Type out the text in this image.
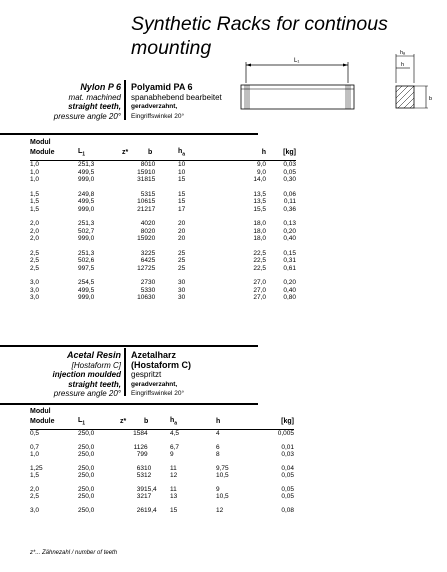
Synthetic Racks for continous mounting
L₁
hₐ
h
b
Nylon P 6
mat. machined
straight teeth,
pressure angle 20°
Polyamid PA 6
spanabhebend bearbeitet
geradverzahnt,
Eingriffswinkel 20°
Modul						
Module	$L_1$	z*	b	$h_a$	h	[kg]

1,0	251,3	80	10	10	9,0	0,03
1,0	499,5	159	10	10	9,0	0,05
1,0	999,0	318	15	15	14,0	0,30

1,5	249,8	53	15	15	13,5	0,06
1,5	499,5	106	15	15	13,5	0,11
1,5	999,0	212	17	17	15,5	0,36

2,0	251,3	40	20	20	18,0	0,13
2,0	502,7	80	20	20	18,0	0,20
2,0	999,0	159	20	20	18,0	0,40

2,5	251,3	32	25	25	22,5	0,15
2,5	502,6	64	25	25	22,5	0,31
2,5	997,5	127	25	25	22,5	0,61

3,0	254,5	27	30	30	27,0	0,20
3,0	499,5	53	30	30	27,0	0,40
3,0	999,0	106	30	30	27,0	0,80
Acetal Resin
[Hostaform C]
injection moulded
straight teeth,
pressure angle 20°
Azetalharz
(Hostaform C)
gespritzt
geradverzahnt,
Eingriffswinkel 20°
Modul						
Module	$L_1$	z*	b	$h_a$	h	[kg]

0,5	250,0	158	4	4,5	4	0,005

0,7	250,0	112	6	6,7	6	0,01
1,0	250,0	79	9	9	8	0,03

1,25	250,0	63	10	11	9,75	0,04
1,5	250,0	53	12	12	10,5	0,05

2,0	250,0	39	15,4	11	9	0,05
2,5	250,0	32	17	13	10,5	0,05

3,0	250,0	26	19,4	15	12	0,08
z*... Zähnezahl / number of teeth
